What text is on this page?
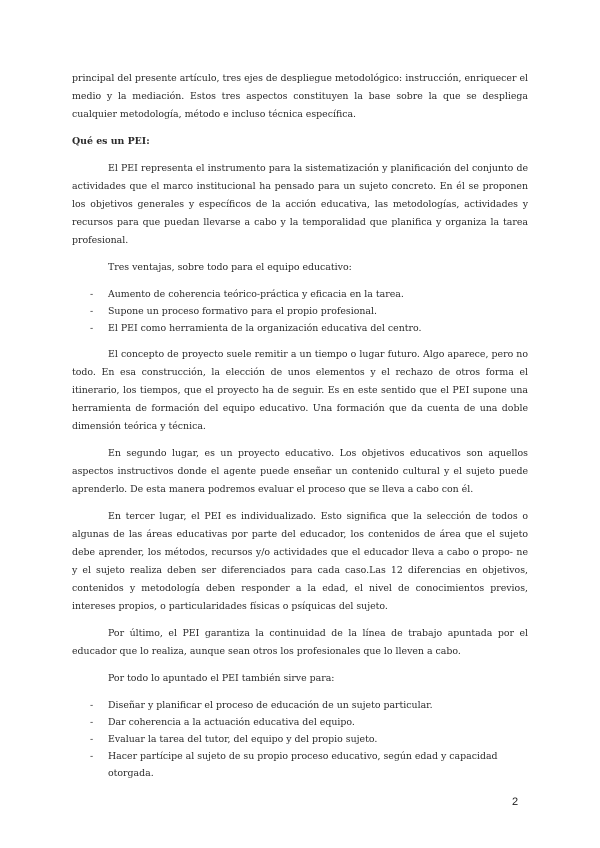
principal del presente artículo, tres ejes de despliegue metodológico: instrucción, enriquecer el medio y la mediación. Estos tres aspectos constituyen la base sobre la que se despliega cualquier metodología, método e incluso técnica específica.

Qué es un PEI:

El PEI representa el instrumento para la sistematización y planificación del conjunto de actividades que el marco institucional ha pensado para un sujeto concreto. En él se proponen los objetivos generales y específicos de la acción educativa, las metodologías, actividades y recursos para que puedan llevarse a cabo y la temporalidad que planifica y organiza la tarea profesional.

Tres ventajas, sobre todo para el equipo educativo:

- Aumento de coherencia teórico-práctica y eficacia en la tarea.
- Supone un proceso formativo para el propio profesional.
- El PEI como herramienta de la organización educativa del centro.

El concepto de proyecto suele remitir a un tiempo o lugar futuro. Algo aparece, pero no todo. En esa construcción, la elección de unos elementos y el rechazo de otros forma el itinerario, los tiempos, que el proyecto ha de seguir. Es en este sentido que el PEI supone una herramienta de formación del equipo educativo. Una formación que da cuenta de una doble dimensión teórica y técnica.

En segundo lugar, es un proyecto educativo. Los objetivos educativos son aquellos aspectos instructivos donde el agente puede enseñar un contenido cultural y el sujeto puede aprenderlo. De esta manera podremos evaluar el proceso que se lleva a cabo con él.

En tercer lugar, el PEI es individualizado. Esto significa que la selección de todos o algunas de las áreas educativas por parte del educador, los contenidos de área que el sujeto debe aprender, los métodos, recursos y/o actividades que el educador lleva a cabo o propo- ne y el sujeto realiza deben ser diferenciados para cada caso.Las 12 diferencias en objetivos, contenidos y metodología deben responder a la edad, el nivel de conocimientos previos, intereses propios, o particularidades físicas o psíquicas del sujeto.

Por último, el PEI garantiza la continuidad de la línea de trabajo apuntada por el educador que lo realiza, aunque sean otros los profesionales que lo lleven a cabo.

Por todo lo apuntado el PEI también sirve para:

- Diseñar y planificar el proceso de educación de un sujeto particular.
- Dar coherencia a la actuación educativa del equipo.
- Evaluar la tarea del tutor, del equipo y del propio sujeto.
- Hacer partícipe al sujeto de su propio proceso educativo, según edad y capacidad otorgada.
2
